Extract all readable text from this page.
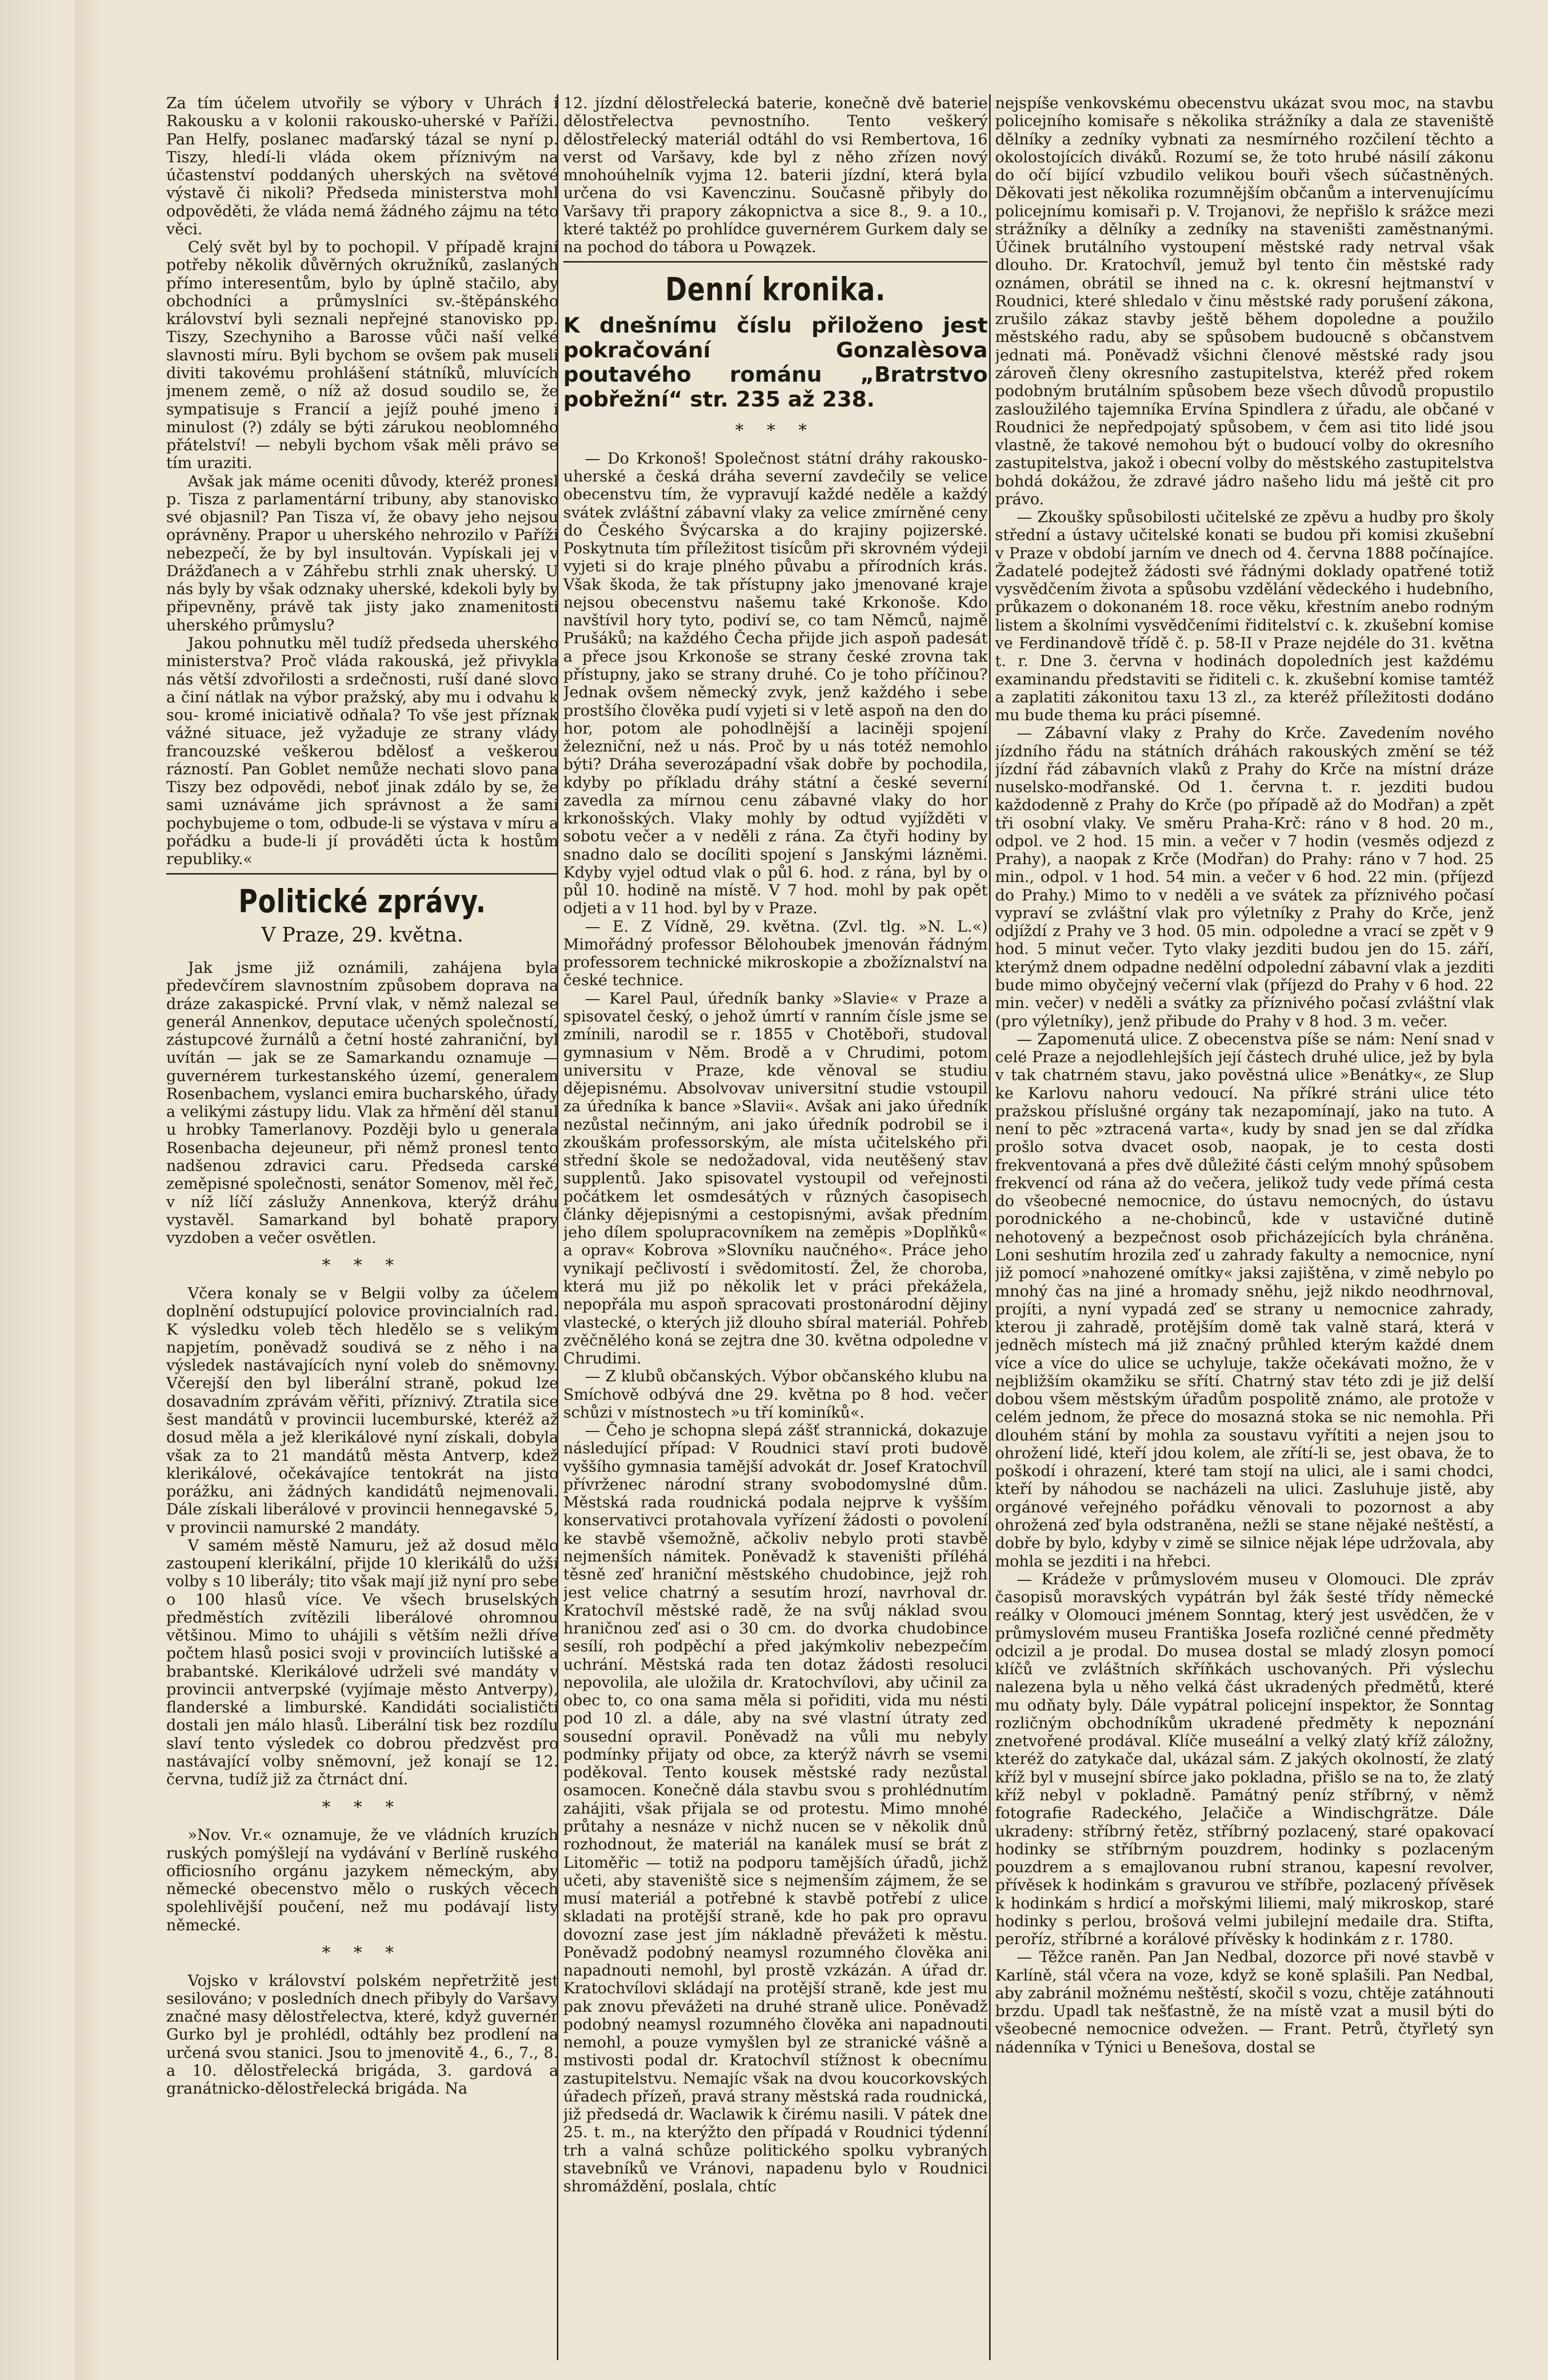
Za tím účelem utvořily se výbory v Uhrách i Rakousku a v kolonii rakousko-uherské v Paříži. Pan Helfy, poslanec maďarský tázal se nyní p. Tiszy, hledí-li vláda okem příznivým na účastenství poddaných uherských na světové výstavě či nikoli? Předseda ministerstva mohl odpověděti, že vláda nemá žádného zájmu na této věci.

Celý svět byl by to pochopil. V případě krajní potřeby několik důvěrných okružníků, zaslaných přímo interesentům, bylo by úplně stačilo, aby obchodníci a průmyslníci sv.-štěpánského království byli seznali nepřejné stanovisko pp. Tiszy, Szechyniho a Barosse vůči naší velké slavnosti míru. Byli bychom se ovšem pak museli diviti takovému prohlášení státníků, mluvících jmenem země, o níž až dosud soudilo se, že sympatisuje s Francií a jejíž pouhé jmeno i minulost (?) zdály se býti zárukou neoblomného přátelství! — nebyli bychom však měli právo se tím uraziti.

Avšak jak máme oceniti důvody, kteréž pronesl p. Tisza z parlamentární tribuny, aby stanovisko své objasnil? Pan Tisza ví, že obavy jeho nejsou oprávněny. Prapor u uherského nehrozilo v Paříži nebezpečí, že by byl insultován. Vypískali jej v Drážďanech a v Záhřebu strhli znak uherský. U nás byly by však odznaky uherské, kdekoli byly by připevněny, právě tak jisty jako znamenitosti uherského průmyslu?

Jakou pohnutku měl tudíž předseda uherského ministerstva? Proč vláda rakouská, jež přivykla nás větší zdvořilosti a srdečnosti, ruší dané slovo a činí nátlak na výbor pražský, aby mu i odvahu k sou- kromé iniciativě odňala? To vše jest příznak vážné situace, jež vyžaduje ze strany vlády francouzské veškerou bdělosť a veškerou rázností. Pan Goblet nemůže nechati slovo pana Tiszy bez odpovědi, neboť jinak zdálo by se, že sami uznáváme jich správnost a že sami pochybujeme o tom, odbude-li se výstava v míru a pořádku a bude-li jí prováděti úcta k hostům republiky.«

Politické zprávy.
V Praze, 29. května.

Jak jsme již oznámili, zahájena byla předevčírem slavnostním způsobem doprava na dráze zakaspické. První vlak, v němž nalezal se generál Annenkov, deputace učených společností, zástupcové žurnálů a četní hosté zahraniční, byl uvítán — jak se ze Samarkandu oznamuje — guvernérem turkestanského území, generalem Rosenbachem, vyslanci emira bucharského, úřady a velikými zástupy lidu. Vlak za hřmění děl stanul u hrobky Tamerlanovy. Později bylo u generala Rosenbacha dejeuneur, při němž pronesl tento nadšenou zdravici caru. Předseda carské zeměpisné společnosti, senátor Somenov, měl řeč, v níž líčí záslužy Annenkova, kterýž dráhu vystavěl. Samarkand byl bohatě prapory vyzdoben a večer osvětlen.

* * *

Včera konaly se v Belgii volby za účelem doplnění odstupující polovice provincialních rad. K výsledku voleb těch hledělo se s velikým napjetím, poněvadž soudivá se z něho i na výsledek nastávajících nyní voleb do sněmovny. Včerejší den byl liberální straně, pokud lze dosavadním zprávám věřiti, příznivý. Ztratila sice šest mandátů v provincii lucemburské, kteréž až dosud měla a jež klerikálové nyní získali, dobyla však za to 21 mandátů města Antverp, kdež klerikálové, očekávajíce tentokrát na jisto porážku, ani žádných kandidátů nejmenovali. Dále získali liberálové v provincii hennegavské 5, v provincii namurské 2 mandáty.

V samém městě Namuru, jež až dosud mělo zastoupení klerikální, přijde 10 klerikálů do užší volby s 10 liberály; tito však mají již nyní pro sebe o 100 hlasů více. Ve všech bruselských předměstích zvítězili liberálové ohromnou většinou. Mimo to uhájili s větším nežli dříve počtem hlasů posici svoji v provinciích lutišské a brabantské. Klerikálové udrželi své mandáty v provincii antverpské (vyjímaje město Antverpy), flanderské a limburské. Kandidáti socialističtí dostali jen málo hlasů. Liberální tisk bez rozdílu slaví tento výsledek co dobrou předzvěst pro nastávající volby sněmovní, jež konají se 12. června, tudíž již za čtrnáct dní.

* * *

»Nov. Vr.« oznamuje, že ve vládních kruzích ruských pomýšlejí na vydávání v Berlíně ruského officiosního orgánu jazykem německým, aby německé obecenstvo mělo o ruských věcech spolehlivější poučení, než mu podávají listy německé.

* * *

Vojsko v království polském nepřetržitě jest sesilováno; v posledních dnech přibyly do Varšavy značné masy dělostřelectva, které, když guvernér Gurko byl je prohlédl, odtáhly bez prodlení na určená svou stanici. Jsou to jmenovitě 4., 6., 7., 8. a 10. dělostřelecká brigáda, 3. gardová a granátnicko-dělostřelecká brigáda. Na

12. jízdní dělostřelecká baterie, konečně dvě baterie dělostřelectva pevnostního. Tento veškerý dělostřelecký materiál odtáhl do vsi Rembertova, 16 verst od Varšavy, kde byl z něho zřízen nový mnohoúhelník vyjma 12. baterii jízdní, která byla určena do vsi Kavenczinu. Současně přibyly do Varšavy tři prapory zákopnictva a sice 8., 9. a 10., které taktéž po prohlídce guvernérem Gurkem daly se na pochod do tábora u Powązek.

Denní kronika.
K dnešnímu číslu přiloženo jest pokračování Gonzalèsova poutavého románu „Bratrstvo pobřežní“ str. 235 až 238.
* * *

— Do Krkonoš! Společnost státní dráhy rakousko-uherské a česká dráha severní zavdečily se velice obecenstvu tím, že vypravují každé neděle a každý svátek zvláštní zábavní vlaky za velice zmírněné ceny do Českého Švýcarska a do krajiny pojizerské. Poskytnuta tím příležitost tisícům při skrovném výdeji vyjeti si do kraje plného půvabu a přírodních krás. Však škoda, že tak přístupny jako jmenované kraje nejsou obecenstvu našemu také Krkonoše. Kdo navštívil hory tyto, podiví se, co tam Němců, najmě Prušáků; na každého Čecha přijde jich aspoň padesát a přece jsou Krkonoše se strany české zrovna tak přístupny, jako se strany druhé. Co je toho příčinou? Jednak ovšem německý zvyk, jenž každého i sebe prostšího člověka pudí vyjeti si v letě aspoň na den do hor, potom ale pohodlnější a laciněji spojení železniční, než u nás. Proč by u nás totéž nemohlo býti? Dráha severozápadní však dobře by pochodila, kdyby po příkladu dráhy státní a české severní zavedla za mírnou cenu zábavné vlaky do hor krkonošských. Vlaky mohly by odtud vyjížděti v sobotu večer a v neděli z rána. Za čtyři hodiny by snadno dalo se docíliti spojení s Janskými lázněmi. Kdyby vyjel odtud vlak o půl 6. hod. z rána, byl by o půl 10. hodině na místě. V 7 hod. mohl by pak opět odjeti a v 11 hod. byl by v Praze.

— E. Z Vídně, 29. května. (Zvl. tlg. »N. L.«) Mimořádný professor Bělohoubek jmenován řádným professorem technické mikroskopie a zbožíznalství na české technice.

— Karel Paul, úředník banky »Slavie« v Praze a spisovatel český, o jehož úmrtí v ranním čísle jsme se zmínili, narodil se r. 1855 v Chotěboři, studoval gymnasium v Něm. Brodě a v Chrudimi, potom universitu v Praze, kde věnoval se studiu dějepisnému. Absolvovav universitní studie vstoupil za úředníka k bance »Slavii«. Avšak ani jako úředník nezůstal nečinným, ani jako úředník podrobil se i zkouškám professorským, ale místa učitelského při střední škole se nedožadoval, vida neutěšený stav supplentů. Jako spisovatel vystoupil od veřejnosti počátkem let osmdesátých v různých časopisech články dějepisnými a cestopisnými, avšak předním jeho dílem spolupracovníkem na zeměpis »Doplňků« a oprav« Kobrova »Slovníku naučného«. Práce jeho vynikají pečlivostí i svědomitostí. Žel, že choroba, která mu již po několik let v práci překážela, nepopřála mu aspoň spracovati prostonárodní dějiny vlastecké, o kterých již dlouho sbíral materiál. Pohřeb zvěčnělého koná se zejtra dne 30. května odpoledne v Chrudimi.

— Z klubů občanských. Výbor občanského klubu na Smíchově odbývá dne 29. května po 8 hod. večer schůzi v místnostech »u tří kominíků«.

— Čeho je schopna slepá zášť strannická, dokazuje následující případ: V Roudnici staví proti budově vyššího gymnasia tamější advokát dr. Josef Kratochvíl přívrženec národní strany svobodomyslné dům. Městská rada roudnická podala nejprve k vyšším konservativci protahovala vyřízení žádosti o povolení ke stavbě všemožně, ačkoliv nebylo proti stavbě nejmenších námitek. Poněvadž k staveništi příléhá těsně zeď hraniční městského chudobince, jejž roh jest velice chatrný a sesutím hrozí, navrhoval dr. Kratochvíl městské radě, že na svůj náklad svou hraničnou zeď asi o 30 cm. do dvorka chudobince sesílí, roh podpěchí a před jakýmkoliv nebezpečím uchrání. Městská rada ten dotaz žádosti resoluci nepovolila, ale uložila dr. Kratochvílovi, aby učinil za obec to, co ona sama měla si pořiditi, vida mu nésti pod 10 zl. a dále, aby na své vlastní útraty zeď sousední opravil. Poněvadž na vůli mu nebyly podmínky přijaty od obce, za kterýž návrh se vsemi poděkoval. Tento kousek městské rady nezůstal osamocen. Konečně dála stavbu svou s prohlédnutím zahájiti, však přijala se od protestu. Mimo mnohé průtahy a nesnáze v nichž nucen se v několik dnů rozhodnout, že materiál na kanálek musí se brát z Litoměřic — totiž na podporu tamějších úřadů, jichž učeti, aby staveniště sice s nejmenším zájmem, že se musí materiál a potřebné k stavbě potřebí z ulice skladati na protější straně, kde ho pak pro opravu dovozní zase jest jím nákladně převážeti k městu. Poněvadž podobný neamysl rozumného člověka ani napadnouti nemohl, byl prostě vzkázán. A úřad dr. Kratochvílovi skládají na protější straně, kde jest mu pak znovu převážeti na druhé straně ulice. Poněvadž podobný neamysl rozumného člověka ani napadnouti nemohl, a pouze vymyšlen byl ze stranické vášně a mstivosti podal dr. Kratochvíl stížnost k obecnímu zastupitelstvu. Nemajíc však na dvou koucorkovských úřadech přízeň, pravá strany městská rada roudnická, již předsedá dr. Waclawik k čirému nasili. V pátek dne 25. t. m., na kterýžto den případá v Roudnici týdenní trh a valná schůze politického spolku vybraných stavebníků ve Vránovi, napadenu bylo v Roudnici shromáždění, poslala, chtíc

nejspíše venkovskému obecenstvu ukázat svou moc, na stavbu policejního komisaře s několika strážníky a dala ze staveniště dělníky a zedníky vybnati za nesmírného rozčilení těchto a okolostojících diváků. Rozumí se, že toto hrubé násilí zákonu do očí bijící vzbudilo velikou bouři všech súčastněných. Děkovati jest několika rozumnějším občanům a intervenujícímu policejnímu komisaři p. V. Trojanovi, že nepřišlo k srážce mezi strážníky a dělníky a zedníky na staveništi zaměstnanými. Účinek brutálního vystoupení městské rady netrval však dlouho. Dr. Kratochvíl, jemuž byl tento čin městské rady oznámen, obrátil se ihned na c. k. okresní hejtmanství v Roudnici, které shledalo v činu městské rady porušení zákona, zrušilo zákaz stavby ještě během dopoledne a použilo městského radu, aby se spůsobem budoucně s občanstvem jednati má. Poněvadž všichni členové městské rady jsou zároveň členy okresního zastupitelstva, kteréž před rokem podobným brutálním spůsobem beze všech důvodů propustilo zasloužilého tajemníka Ervína Spindlera z úřadu, ale občané v Roudnici že nepředpojatý spůsobem, v čem asi tito lidé jsou vlastně, že takové nemohou být o budoucí volby do okresního zastupitelstva, jakož i obecní volby do městského zastupitelstva bohdá dokážou, že zdravé jádro našeho lidu má ještě cit pro právo.

— Zkoušky spůsobilosti učitelské ze zpěvu a hudby pro školy střední a ústavy učitelské konati se budou při komisi zkušební v Praze v období jarním ve dnech od 4. června 1888 počínajíce. Žadatelé podejtež žádosti své řádnými doklady opatřené totiž vysvědčením života a spůsobu vzdělání vědeckého i hudebního, průkazem o dokonaném 18. roce věku, křestním anebo rodným listem a školními vysvědčeními řiditelství c. k. zkušební komise ve Ferdinandově třídě č. p. 58-II v Praze nejdéle do 31. května t. r. Dne 3. června v hodinách dopoledních jest každému examinandu představiti se řiditeli c. k. zkušební komise tamtéž a zaplatiti zákonitou taxu 13 zl., za kteréž příležitosti dodáno mu bude thema ku práci písemné.

— Zábavní vlaky z Prahy do Krče. Zavedením nového jízdního řádu na státních dráhách rakouských změní se též jízdní řád zábavních vlaků z Prahy do Krče na místní dráze nuselsko-modřanské. Od 1. června t. r. jezditi budou každodenně z Prahy do Krče (po případě až do Modřan) a zpět tři osobní vlaky. Ve směru Praha-Krč: ráno v 8 hod. 20 m., odpol. ve 2 hod. 15 min. a večer v 7 hodin (vesměs odjezd z Prahy), a naopak z Krče (Modřan) do Prahy: ráno v 7 hod. 25 min., odpol. v 1 hod. 54 min. a večer v 6 hod. 22 min. (příjezd do Prahy.) Mimo to v neděli a ve svátek za příznivého počasí vypraví se zvláštní vlak pro výletníky z Prahy do Krče, jenž odjíždí z Prahy ve 3 hod. 05 min. odpoledne a vrací se zpět v 9 hod. 5 minut večer. Tyto vlaky jezditi budou jen do 15. září, kterýmž dnem odpadne nedělní odpolední zábavní vlak a jezditi bude mimo obyčejný večerní vlak (příjezd do Prahy v 6 hod. 22 min. večer) v neděli a svátky za příznivého počasí zvláštní vlak (pro výletníky), jenž přibude do Prahy v 8 hod. 3 m. večer.

— Zapomenutá ulice. Z obecenstva píše se nám: Není snad v celé Praze a nejodlehlejších její částech druhé ulice, jež by byla v tak chatrném stavu, jako pověstná ulice »Benátky«, ze Slup ke Karlovu nahoru vedoucí. Na příkré stráni ulice této pražskou příslušné orgány tak nezapomínají, jako na tuto. A není to pěc »ztracená varta«, kudy by snad jen se dal zřídka prošlo sotva dvacet osob, naopak, je to cesta dosti frekventovaná a přes dvě důležité části celým mnohý spůsobem frekvencí od rána až do večera, jelikož tudy vede přímá cesta do všeobecné nemocnice, do ústavu nemocných, do ústavu porodnického a ne-chobinců, kde v ustavičné dutině nehotovený a bezpečnost osob přicházejících byla chráněna. Loni seshutím hrozila zeď u zahrady fakulty a nemocnice, nyní již pomocí »nahozené omítky« jaksi zajištěna, v zimě nebylo po mnohý čas na jiné a hromady sněhu, jejž nikdo neodhrnoval, projíti, a nyní vypadá zeď se strany u nemocnice zahrady, kterou ji zahradě, protějším domě tak valně stará, která v jedněch místech má již značný průhled kterým každé dnem více a více do ulice se uchyluje, takže očekávati možno, že v nejbližším okamžiku se sřítí. Chatrný stav této zdi je již delší dobou všem městským úřadům pospolitě známo, ale protože v celém jednom, že přece do mosazná stoka se nic nemohla. Při dlouhém stání by mohla za soustavu vyřítiti a nejen jsou to ohrožení lidé, kteří jdou kolem, ale zřítí-li se, jest obava, že to poškodí i ohrazení, které tam stojí na ulici, ale i sami chodci, kteří by náhodou se nacházeli na ulici. Zasluhuje jistě, aby orgánové veřejného pořádku věnovali to pozornost a aby ohrožená zeď byla odstraněna, nežli se stane nějaké neštěstí, a dobře by bylo, kdyby v zimě se silnice nějak lépe udržovala, aby mohla se jezditi i na hřebci.

— Krádeže v průmyslovém museu v Olomouci. Dle zpráv časopisů moravských vypátrán byl žák šesté třídy německé reálky v Olomouci jménem Sonntag, který jest usvědčen, že v průmyslovém museu Františka Josefa rozličné cenné předměty odcizil a je prodal. Do musea dostal se mladý zlosyn pomocí klíčů ve zvláštních skříňkách uschovaných. Při výslechu nalezena byla u něho velká část ukradených předmětů, které mu odňaty byly. Dále vypátral policejní inspektor, že Sonntag rozličným obchodníkům ukradené předměty k nepoznání znetvořené prodával. Klíče museální a velký zlatý kříž záložny, kteréž do zatykače dal, ukázal sám. Z jakých okolností, že zlatý kříž byl v musejní sbírce jako pokladna, přišlo se na to, že zlatý kříž nebyl v pokladně. Památný peníz stříbrný, v němž fotografie Radeckého, Jelačiče a Windischgrätze. Dále ukradeny: stříbrný řetěz, stříbrný pozlacený, staré opakovací hodinky se stříbrným pouzdrem, hodinky s pozlaceným pouzdrem a s emajlovanou rubní stranou, kapesní revolver, přívěsek k hodinkám s gravurou ve stříbře, pozlacený přívěsek k hodinkám s hrdicí a mořskými liliemi, malý mikroskop, staré hodinky s perlou, brošová velmi jubilejní medaile dra. Stifta, peroříz, stříbrné a korálové přívěsky k hodinkám z r. 1780.

— Těžce raněn. Pan Jan Nedbal, dozorce při nové stavbě v Karlíně, stál včera na voze, když se koně splašili. Pan Nedbal, aby zabránil možnému neštěstí, skočil s vozu, chtěje zatáhnouti brzdu. Upadl tak nešťastně, že na místě vzat a musil býti do všeobecné nemocnice odvežen. — Frant. Petrů, čtyřletý syn nádenníka v Týnici u Benešova, dostal se
